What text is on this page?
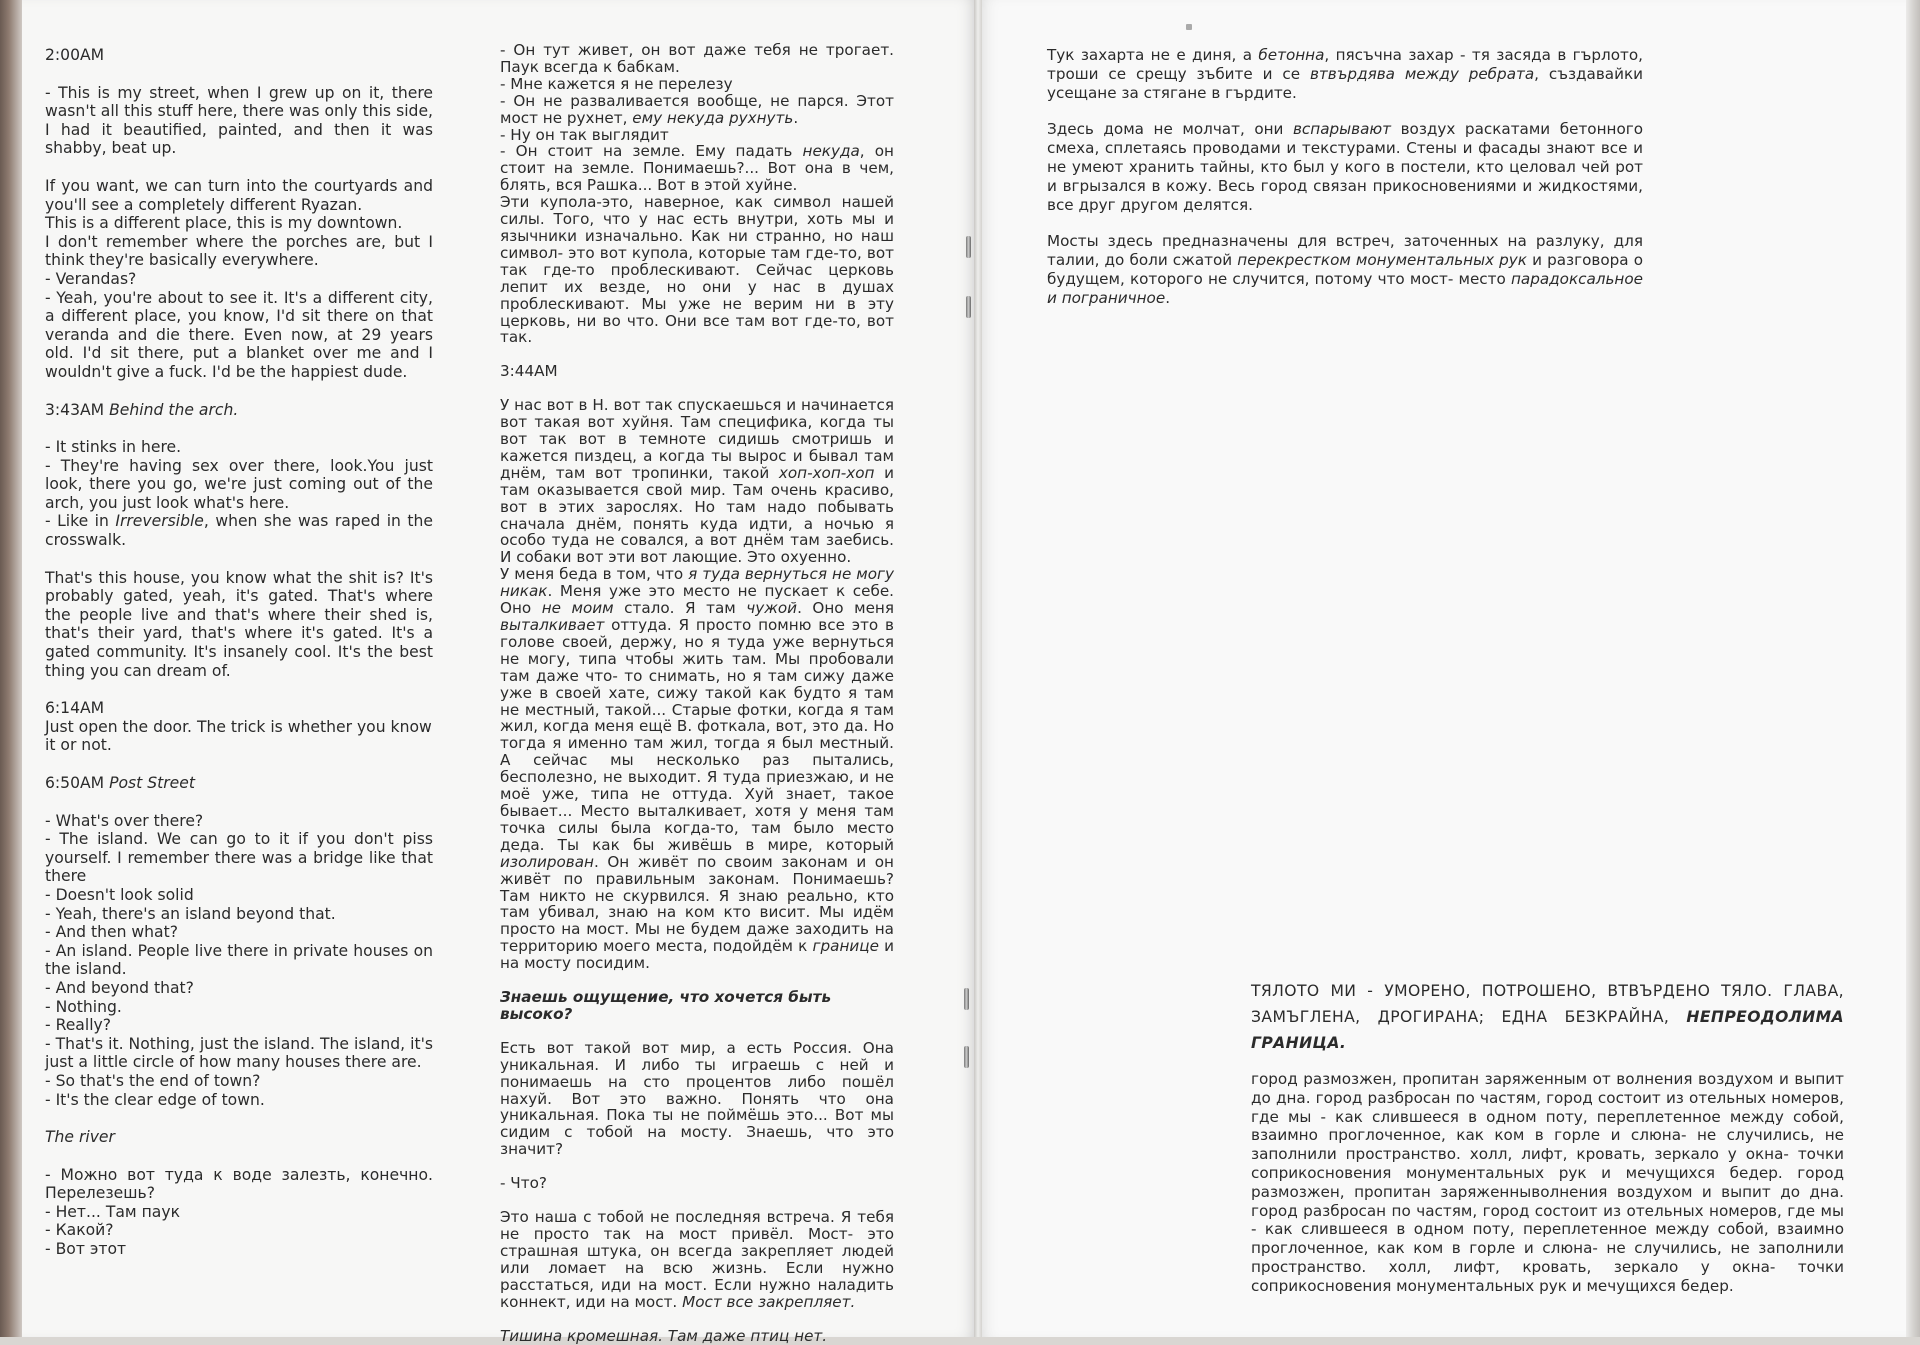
2:00AM

- This is my street, when I grew up on it, there wasn't all this stuff here, there was only this side, I had it beautified, painted, and then it was shabby, beat up.

If you want, we can turn into the courtyards and you'll see a completely different Ryazan.

This is a different place, this is my downtown.

I don't remember where the porches are, but I think they're basically everywhere.

- Verandas?

- Yeah, you're about to see it. It's a different city, a different place, you know, I'd sit there on that veranda and die there. Even now, at 29 years old. I'd sit there, put a blanket over me and I wouldn't give a fuck. I'd be the happiest dude.

3:43AM Behind the arch.

- It stinks in here.

- They're having sex over there, look.You just look, there you go, we're just coming out of the arch, you just look what's here.

- Like in Irreversible, when she was raped in the crosswalk.

That's this house, you know what the shit is? It's probably gated, yeah, it's gated. That's where the people live and that's where their shed is, that's their yard, that's where it's gated. It's a gated community. It's insanely cool. It's the best thing you can dream of.

6:14AM

Just open the door. The trick is whether you know it or not.

6:50AM Post Street

- What's over there?

- The island. We can go to it if you don't piss yourself. I remember there was a bridge like that there

- Doesn't look solid

- Yeah, there's an island beyond that.

- And then what?

- An island. People live there in private houses on the island.

- And beyond that?

- Nothing.

- Really?

- That's it. Nothing, just the island. The island, it's just a little circle of how many houses there are.

- So that's the end of town?

- It's the clear edge of town.

The river

- Можно вот туда к воде залезть, конечно. Перелезешь?

- Нет... Там паук

- Какой?

- Вот этот

- Он тут живет, он вот даже тебя не трогает. Паук всегда к бабкам.

- Мне кажется я не перелезу

- Он не разваливается вообще, не парся. Этот мост не рухнет, ему некуда рухнуть.

- Ну он так выглядит

- Он стоит на земле. Ему падать некуда, он стоит на земле. Понимаешь?... Вот она в чем, блять, вся Рашка... Вот в этой хуйне.

Эти купола-это, наверное, как символ нашей силы. Того, что у нас есть внутри, хоть мы и язычники изначально. Как ни странно, но наш символ- это вот купола, которые там где-то, вот так где-то проблескивают. Сейчас церковь лепит их везде, но они у нас в душах проблескивают. Мы уже не верим ни в эту церковь, ни во что. Они все там вот где-то, вот так.

3:44AM

У нас вот в Н. вот так спускаешься и начинается вот такая вот хуйня. Там специфика, когда ты вот так вот в темноте сидишь смотришь и кажется пиздец, а когда ты вырос и бывал там днём, там вот тропинки, такой хоп-хоп-хоп и там оказывается свой мир. Там очень красиво, вот в этих зарослях. Но там надо побывать сначала днём, понять куда идти, а ночью я особо туда не совался, а вот днём там заебись. И собаки вот эти вот лающие. Это охуенно.

У меня беда в том, что я туда вернуться не могу никак. Меня уже это место не пускает к себе. Оно не моим стало. Я там чужой. Оно меня выталкивает оттуда. Я просто помню все это в голове своей, держу, но я туда уже вернуться не могу, типа чтобы жить там. Мы пробовали там даже что- то снимать, но я там сижу даже уже в своей хате, сижу такой как будто я там не местный, такой... Старые фотки, когда я там жил, когда меня ещё В. фоткала, вот, это да. Но тогда я именно там жил, тогда я был местный. А сейчас мы несколько раз пытались, бесполезно, не выходит. Я туда приезжаю, и не моё уже, типа не оттуда. Хуй знает, такое бывает... Место выталкивает, хотя у меня там точка силы была когда-то, там было место деда. Ты как бы живёшь в мире, который изолирован. Он живёт по своим законам и он живёт по правильным законам. Понимаешь? Там никто не скурвился. Я знаю реально, кто там убивал, знаю на ком кто висит. Мы идём просто на мост. Мы не будем даже заходить на территорию моего места, подойдём к границе и на мосту посидим.

Знаешь ощущение, что хочется быть высоко?

Есть вот такой вот мир, а есть Россия. Она уникальная. И либо ты играешь с ней и понимаешь на сто процентов либо пошёл нахуй. Вот это важно. Понять что она уникальная. Пока ты не поймёшь это... Вот мы сидим с тобой на мосту. Знаешь, что это значит?

- Что?

Это наша с тобой не последняя встреча. Я тебя не просто так на мост привёл. Мост- это страшная штука, он всегда закрепляет людей или ломает на всю жизнь. Если нужно расстаться, иди на мост. Если нужно наладить коннект, иди на мост. Мост все закрепляет.

Тишина кромешная. Там даже птиц нет.

Тук захарта не е диня, а бетонна, пясъчна захар - тя засяда в гърлото, троши се срещу зъбите и се втвърдява между ребрата, създавайки усещане за стягане в гърдите.

Здесь дома не молчат, они вспарывают воздух раскатами бетонного смеха, сплетаясь проводами и текстурами. Стены и фасады знают все и не умеют хранить тайны, кто был у кого в постели, кто целовал чей рот и вгрызался в кожу. Весь город связан прикосновениями и жидкостями, все друг другом делятся.

Мосты здесь предназначены для встреч, заточенных на разлуку, для талии, до боли сжатой перекрестком монументальных рук и разговора о будущем, которого не случится, потому что мост- место парадоксальное и пограничное.

ТЯЛОТО МИ - УМОРЕНО, ПОТРОШЕНО, ВТВЪРДЕНО ТЯЛО. ГЛАВА, ЗАМЪГЛЕНА, ДРОГИРАНА; ЕДНА БЕЗКРАЙНА, НЕПРЕОДОЛИМА ГРАНИЦА.

город размозжен, пропитан заряженным от волнения воздухом и выпит до дна. город разбросан по частям, город состоит из отельных номеров, где мы - как слившееся в одном поту, переплетенное между собой, взаимно проглоченное, как ком в горле и слюна- не случились, не заполнили пространство. холл, лифт, кровать, зеркало у окна- точки соприкосновения монументальных рук и мечущихся бедер. город размозжен, пропитан заряженнывoлнения воздухом и выпит до дна. город разбросан по частям, город состоит из отельных номеров, где мы - как слившееся в одном поту, переплетенное между собой, взаимно проглоченное, как ком в горле и слюна- не случились, не заполнили пространство. холл, лифт, кровать, зеркало у окна- точки соприкосновения монументальных рук и мечущихся бедер.
